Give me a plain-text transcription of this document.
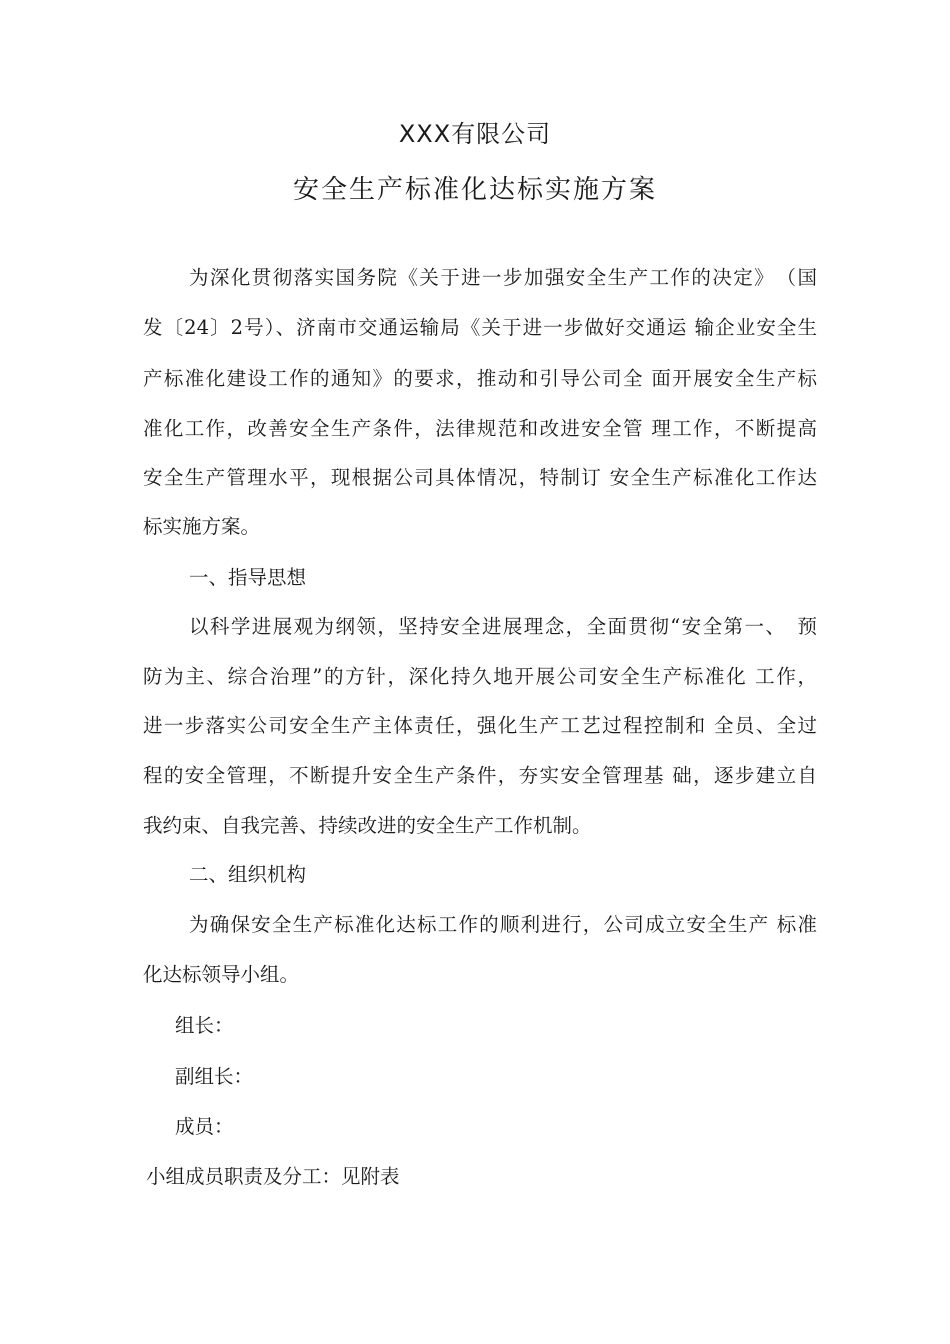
XXX有限公司
安全生产标准化达标实施方案
为深化贯彻落实国务院《关于进一步加强安全生产工作的决定》　（国
发〔24〕2号）、济南市交通运输局《关于进一步做好交通运 输企业安全生
产标准化建设工作的通知》的要求，推动和引导公司全 面开展安全生产标
准化工作，改善安全生产条件，法律规范和改进安全管 理工作，不断提高
安全生产管理水平，现根据公司具体情况，特制订 安全生产标准化工作达
标实施方案。
一、指导思想
以科学进展观为纲领，坚持安全进展理念，全面贯彻“安全第一、　预
防为主、综合治理”的方针，深化持久地开展公司安全生产标准化 工作，
进一步落实公司安全生产主体责任，强化生产工艺过程控制和 全员、全过
程的安全管理，不断提升安全生产条件，夯实安全管理基 础，逐步建立自
我约束、自我完善、持续改进的安全生产工作机制。
二、组织机构
为确保安全生产标准化达标工作的顺利进行，公司成立安全生产 标准
化达标领导小组。
组长：
副组长：
成员：
小组成员职责及分工：见附表
